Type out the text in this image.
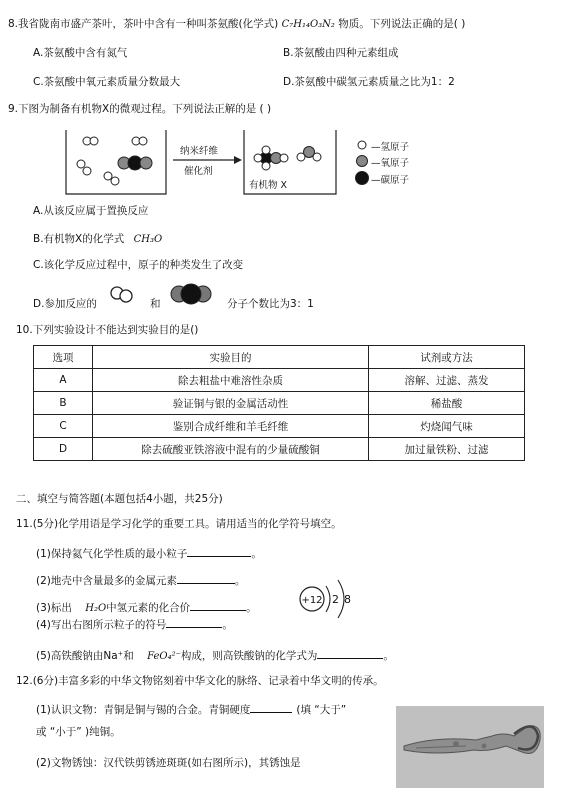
8.我省陇南市盛产茶叶，茶叶中含有一种叫茶氨酸(化学式) C₇H₁₄O₃N₂ 物质。下列说法正确的是( )
A.茶氨酸中含有氮气	B.茶氨酸由四种元素组成
C.茶氨酸中氧元素质量分数最大	D.茶氨酸中碳氢元素质量之比为1：2
9.下图为制备有机物X的微观过程。下列说法正解的是 ( )
纳米纤维
催化剂
有机物 X
—氢原子
—氧原子
—碳原子
A.从该反应属于置换反应
B.有机物X的化学式 CH₃O
C.该化学反应过程中，原子的种类发生了改变
D.参加反应的	和	分子个数比为3：1
10.下列实验设计不能达到实验目的是()
选项	实验目的	试剂或方法
A	除去粗盐中难溶性杂质	溶解、过滤、蒸发
B	验证铜与银的金属活动性	稀盐酸
C	鉴别合成纤维和羊毛纤维	灼烧闻气味
D	除去硫酸亚铁溶液中混有的少量硫酸铜	加过量铁粉、过滤
二、填空与简答题(本题包括4小题，共25分)
11.(5分)化学用语是学习化学的重要工具。请用适当的化学符号填空。
(1)保持氦气化学性质的最小粒子	。
(2)地壳中含量最多的金属元素	。
(3)标出 H₂O中氢元素的化合价	。
(4)写出右图所示粒子的符号	。
+12 2 8
(5)高铁酸钠由Na⁺和 FeO₄²⁻构成，则高铁酸钠的化学式为	。
12.(6分)丰富多彩的中华文物铭刻着中华文化的脉络、记录着中华文明的传承。
(1)认识文物：青铜是铜与锡的合金。青铜硬度	(填 “大于”
或 “小于” )纯铜。
(2)文物锈蚀：汉代铁剪锈迹斑斑(如右图所示)，其锈蚀是
